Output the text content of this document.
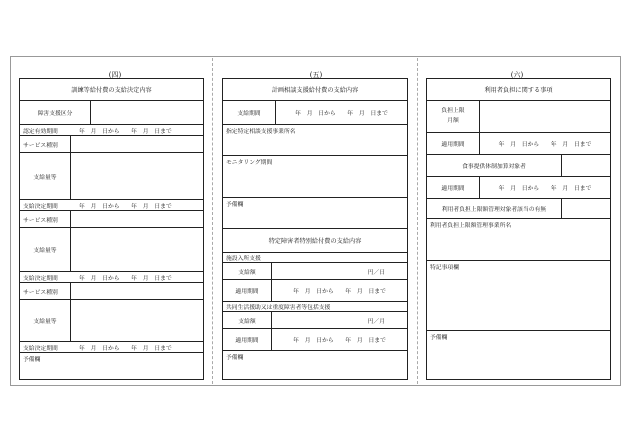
(四)	(五)	(六)
訓練等給付費の支給決定内容
障害支援区分
認定有効期間	年　月　日から　　年　月　日まで
サービス種別
支給量等
支給決定期間	年　月　日から　　年　月　日まで
サービス種別
支給量等
支給決定期間	年　月　日から　　年　月　日まで
サービス種別
支給量等
支給決定期間	年　月　日から　　年　月　日まで
予備欄
計画相談支援給付費の支給内容
支給期間	年　月　日から　　年　月　日まで
指定特定相談支援事業所名
モニタリング期間
予備欄
特定障害者特別給付費の支給内容
施設入所支援
支給額	円／日
適用期間	年　月　日から　　年　月　日まで
共同生活援助又は重度障害者等包括支援
支給額	円／月
適用期間	年　月　日から　　年　月　日まで
予備欄
利用者負担に関する事項
負担上限
月額
適用期間	年　月　日から　　年　月　日まで
食事提供体制加算対象者
適用期間	年　月　日から　　年　月　日まで
利用者負担上限額管理対象者該当の有無
利用者負担上限額管理事業所名
特記事項欄
予備欄
